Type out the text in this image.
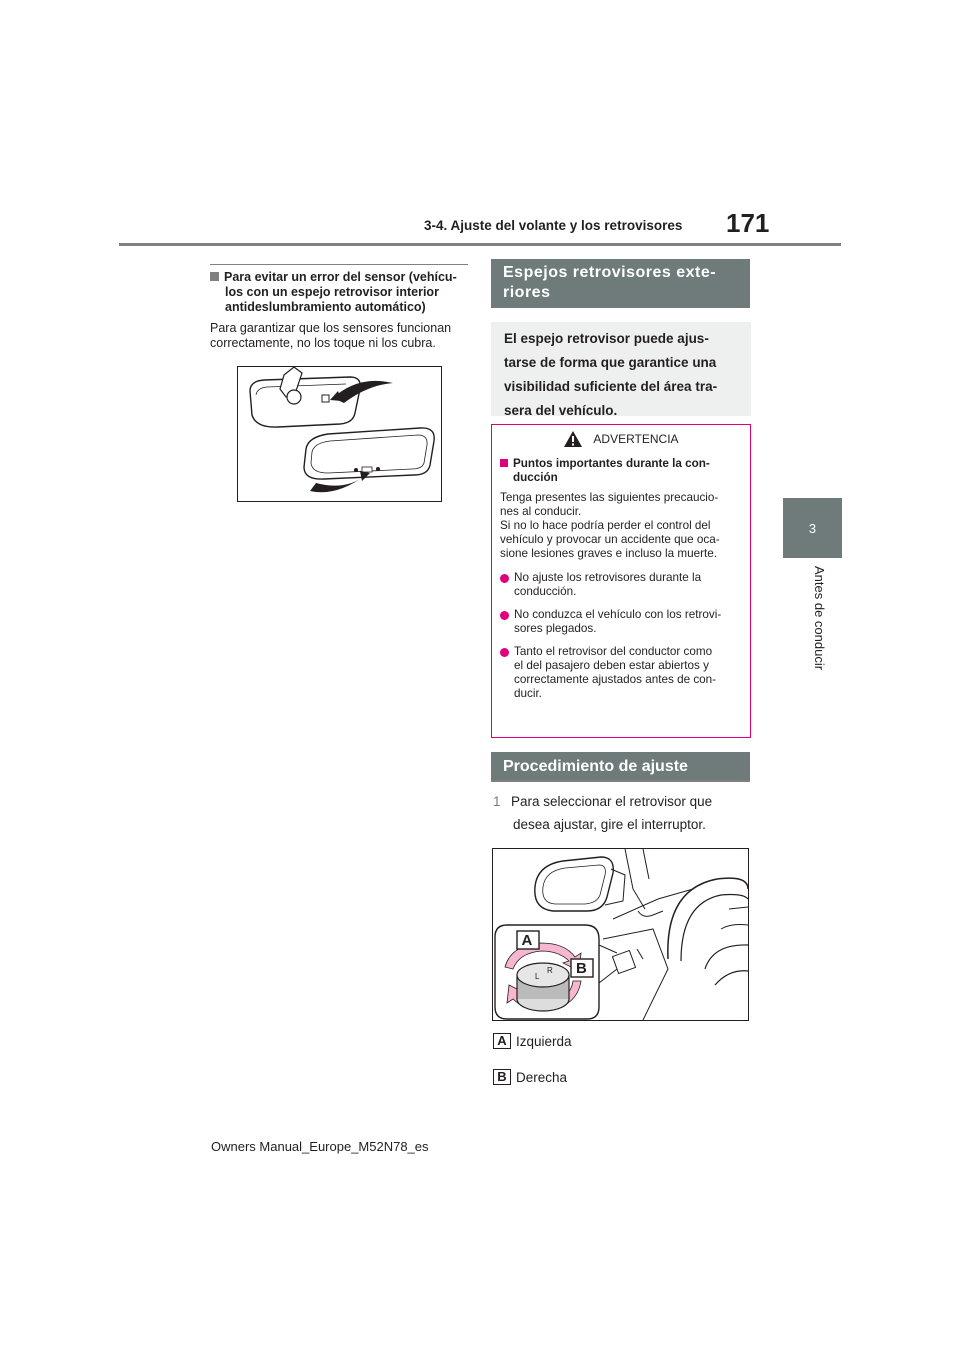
3-4. Ajuste del volante y los retrovisores 171
3
Antes de conducir
Para evitar un error del sensor (vehícu-
los con un espejo retrovisor interior
antideslumbramiento automático)
Para garantizar que los sensores funcionan
correctamente, no los toque ni los cubra.
Espejos retrovisores exte-
riores
El espejo retrovisor puede ajus-
tarse de forma que garantice una
visibilidad suficiente del área tra-
sera del vehículo.
ADVERTENCIA
Puntos importantes durante la con-
ducción
Tenga presentes las siguientes precaucio-
nes al conducir.
Si no lo hace podría perder el control del
vehículo y provocar un accidente que oca-
sione lesiones graves e incluso la muerte.
No ajuste los retrovisores durante la
conducción.
No conduzca el vehículo con los retrovi-
sores plegados.
Tanto el retrovisor del conductor como
el del pasajero deben estar abiertos y
correctamente ajustados antes de con-
ducir.
Procedimiento de ajuste
1 Para seleccionar el retrovisor que
desea ajustar, gire el interruptor.
L
R
A
B
A Izquierda
B Derecha
Owners Manual_Europe_M52N78_es
